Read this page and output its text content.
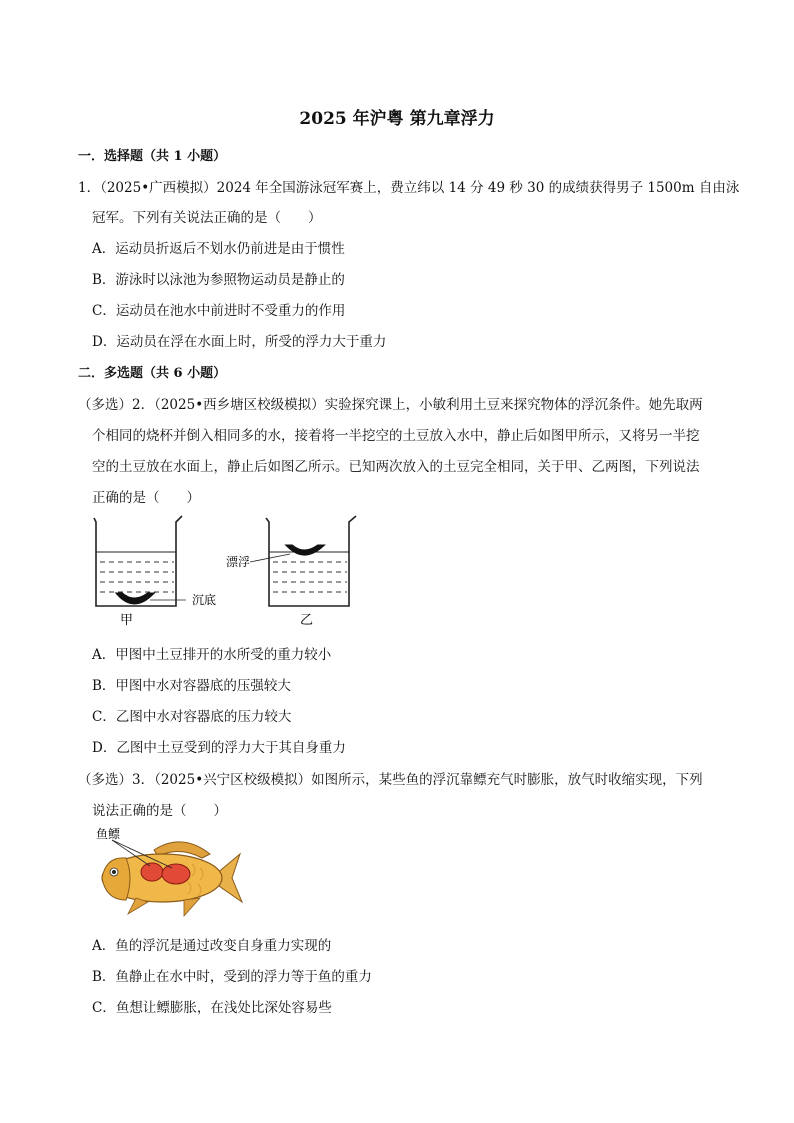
2025 年沪粤 第九章浮力
一．选择题（共 1 小题）
1．（2025•广西模拟）2024 年全国游泳冠军赛上，费立纬以 14 分 49 秒 30 的成绩获得男子 1500m 自由泳
冠军。下列有关说法正确的是（　　）
A．运动员折返后不划水仍前进是由于惯性
B．游泳时以泳池为参照物运动员是静止的
C．运动员在池水中前进时不受重力的作用
D．运动员在浮在水面上时，所受的浮力大于重力
二．多选题（共 6 小题）
（多选）2．（2025•西乡塘区校级模拟）实验探究课上，小敏利用土豆来探究物体的浮沉条件。她先取两
个相同的烧杯并倒入相同多的水，接着将一半挖空的土豆放入水中，静止后如图甲所示，又将另一半挖
空的土豆放在水面上，静止后如图乙所示。已知两次放入的土豆完全相同，关于甲、乙两图，下列说法
正确的是（　　）
沉底
甲
漂浮
乙
A．甲图中土豆排开的水所受的重力较小
B．甲图中水对容器底的压强较大
C．乙图中水对容器底的压力较大
D．乙图中土豆受到的浮力大于其自身重力
（多选）3．（2025•兴宁区校级模拟）如图所示，某些鱼的浮沉靠鳔充气时膨胀，放气时收缩实现，下列
说法正确的是（　　）
鱼鳔
A．鱼的浮沉是通过改变自身重力实现的
B．鱼静止在水中时，受到的浮力等于鱼的重力
C．鱼想让鳔膨胀，在浅处比深处容易些
